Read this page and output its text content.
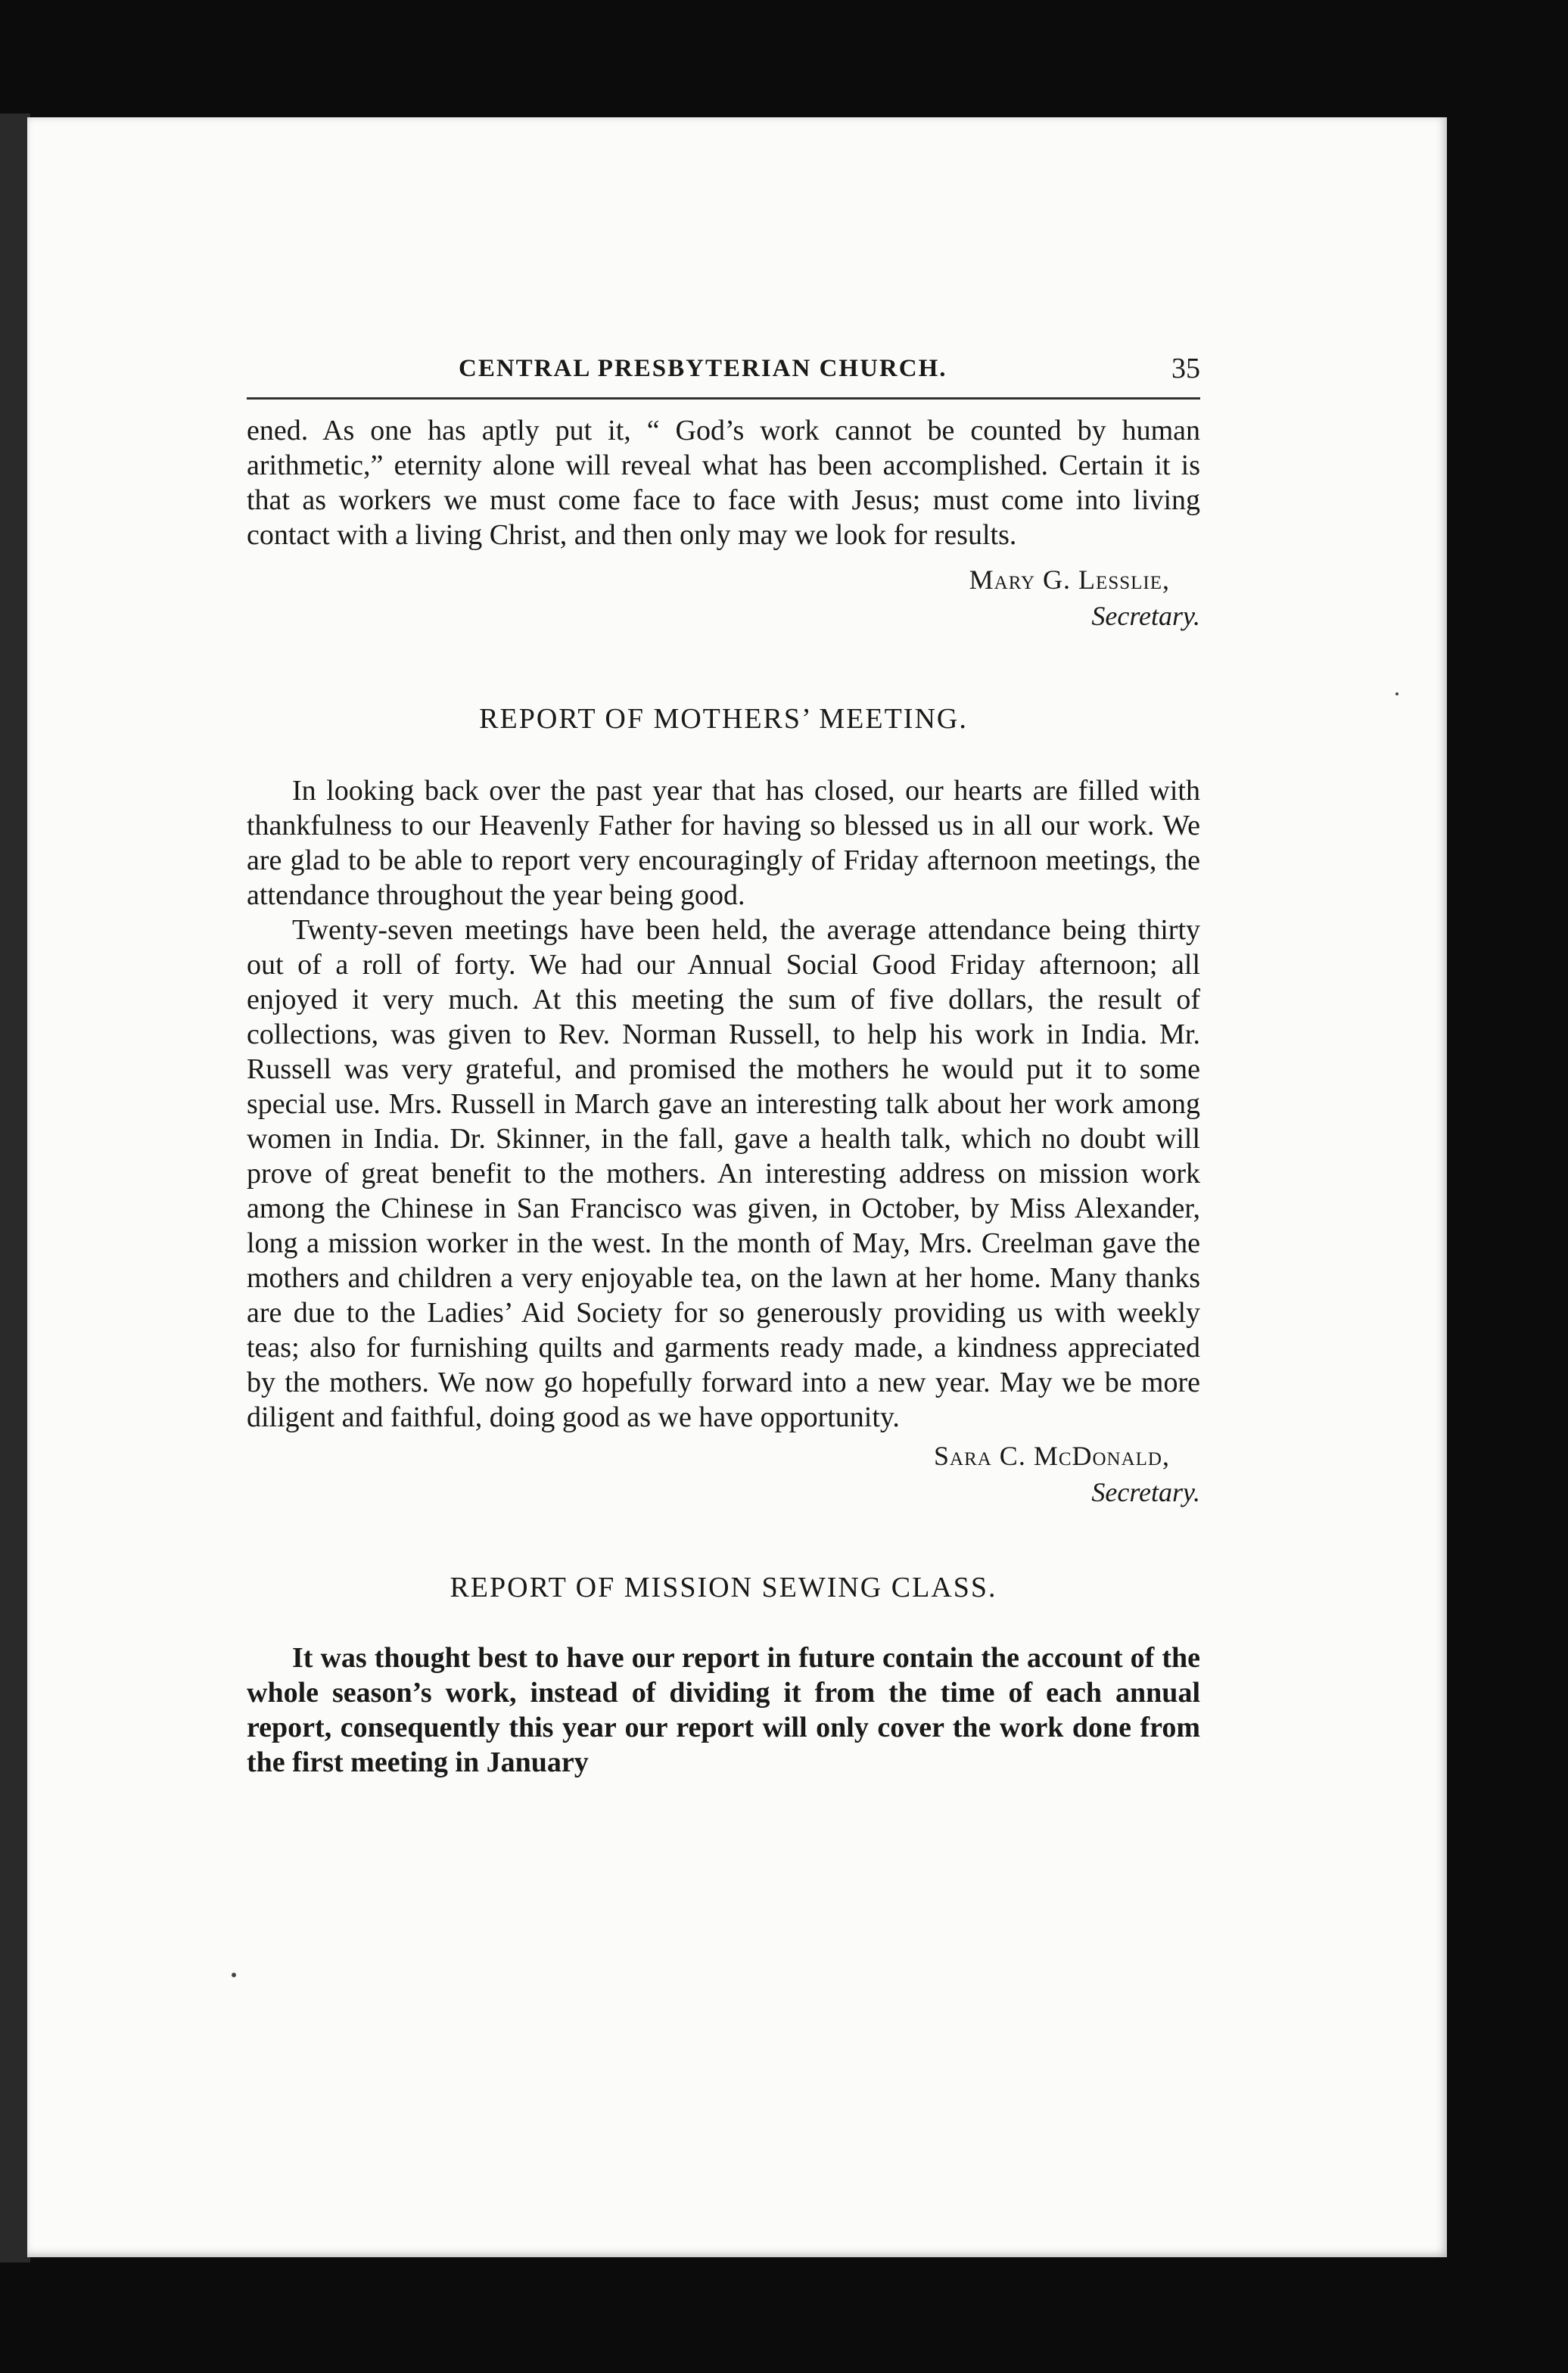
CENTRAL PRESBYTERIAN CHURCH.	35

ened. As one has aptly put it, “ God’s work cannot be counted by human arithmetic,” eternity alone will reveal what has been accomplished. Certain it is that as workers we must come face to face with Jesus; must come into living contact with a living Christ, and then only may we look for results.

Mary G. Lesslie,
Secretary.
REPORT OF MOTHERS’ MEETING.

In looking back over the past year that has closed, our hearts are filled with thankfulness to our Heavenly Father for having so blessed us in all our work. We are glad to be able to report very encouragingly of Friday afternoon meetings, the attendance throughout the year being good.

Twenty-seven meetings have been held, the average attendance being thirty out of a roll of forty. We had our Annual Social Good Friday afternoon; all enjoyed it very much. At this meeting the sum of five dollars, the result of collections, was given to Rev. Norman Russell, to help his work in India. Mr. Russell was very grateful, and promised the mothers he would put it to some special use. Mrs. Russell in March gave an interesting talk about her work among women in India. Dr. Skinner, in the fall, gave a health talk, which no doubt will prove of great benefit to the mothers. An interesting address on mission work among the Chinese in San Francisco was given, in October, by Miss Alexander, long a mission worker in the west. In the month of May, Mrs. Creelman gave the mothers and children a very enjoyable tea, on the lawn at her home. Many thanks are due to the Ladies’ Aid Society for so generously providing us with weekly teas; also for furnishing quilts and garments ready made, a kindness appreciated by the mothers. We now go hopefully forward into a new year. May we be more diligent and faithful, doing good as we have opportunity.

Sara C. McDonald,
Secretary.
REPORT OF MISSION SEWING CLASS.

It was thought best to have our report in future contain the account of the whole season’s work, instead of dividing it from the time of each annual report, consequently this year our report will only cover the work done from the first meeting in January
